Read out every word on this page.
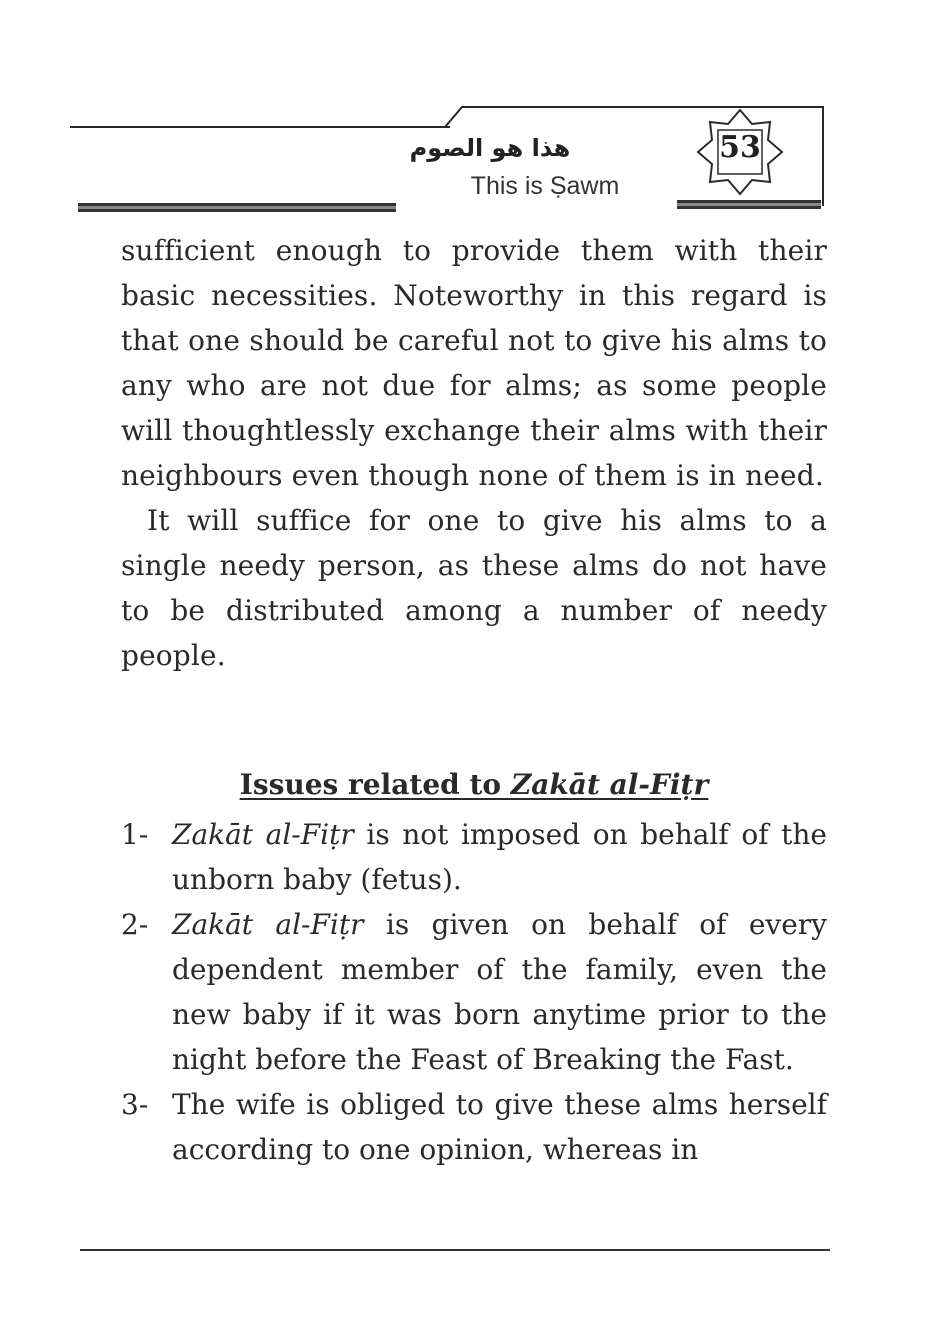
هذا هو الصوم
This is Ṣawm
53

sufficient enough to provide them with their basic necessities. Noteworthy in this regard is that one should be careful not to give his alms to any who are not due for alms; as some people will thoughtlessly exchange their alms with their neighbours even though none of them is in need.

It will suffice for one to give his alms to a single needy person, as these alms do not have to be distributed among a number of needy people.

Issues related to Zakāt al-Fiṭr
1- Zakāt al-Fiṭr is not imposed on behalf of the unborn baby (fetus).
2- Zakāt al-Fiṭr is given on behalf of every dependent member of the family, even the new baby if it was born anytime prior to the night before the Feast of Breaking the Fast.
3- The wife is obliged to give these alms herself according to one opinion, whereas in
